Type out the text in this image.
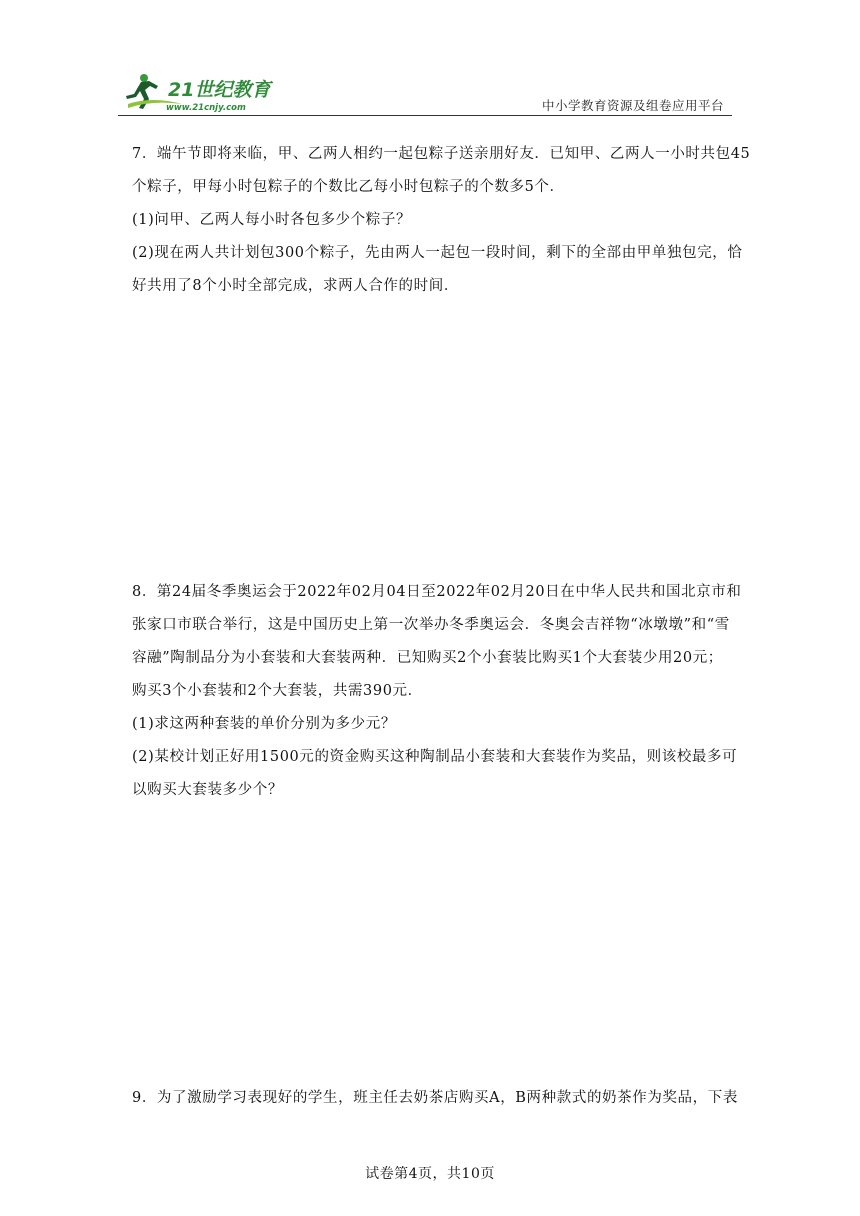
21世纪教育
www.21cnjy.com	中小学教育资源及组卷应用平台
7．端午节即将来临，甲、乙两人相约一起包粽子送亲朋好友．已知甲、乙两人一小时共包45
个粽子，甲每小时包粽子的个数比乙每小时包粽子的个数多5个．
(1)问甲、乙两人每小时各包多少个粽子？
(2)现在两人共计划包300个粽子，先由两人一起包一段时间，剩下的全部由甲单独包完，恰
好共用了8个小时全部完成，求两人合作的时间．
8．第24届冬季奥运会于2022年02月04日至2022年02月20日在中华人民共和国北京市和
张家口市联合举行，这是中国历史上第一次举办冬季奥运会．冬奥会吉祥物“冰墩墩”和“雪
容融”陶制品分为小套装和大套装两种．已知购买2个小套装比购买1个大套装少用20元；
购买3个小套装和2个大套装，共需390元．
(1)求这两种套装的单价分别为多少元？
(2)某校计划正好用1500元的资金购买这种陶制品小套装和大套装作为奖品，则该校最多可
以购买大套装多少个？
9．为了激励学习表现好的学生，班主任去奶茶店购买A，B两种款式的奶茶作为奖品，下表
试卷第4页，共10页
